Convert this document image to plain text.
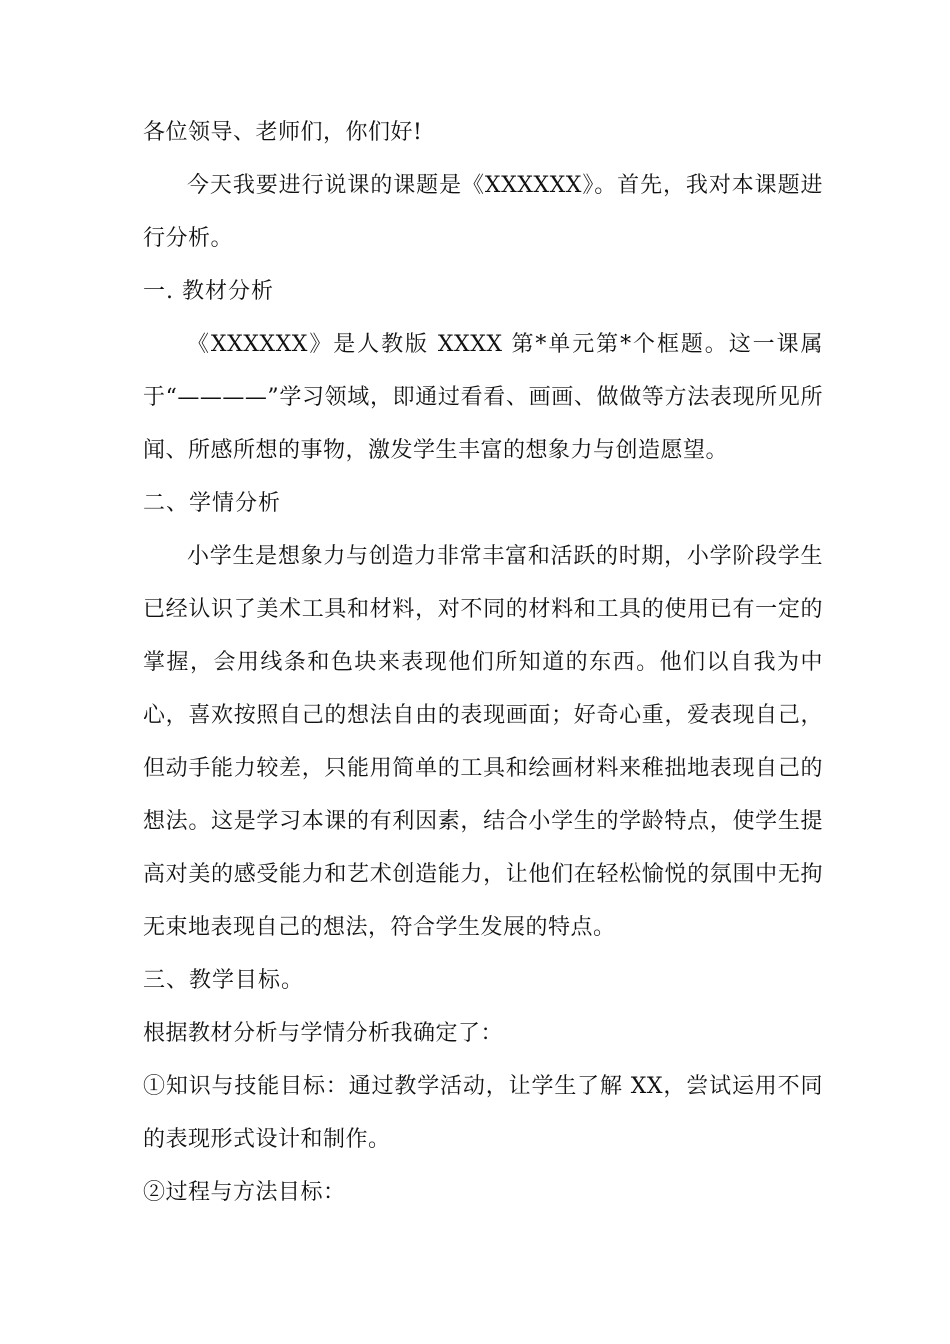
各位领导、老师们，你们好!

今天我要进行说课的课题是《XXXXXX》。首先，我对本课题进行分析。

一. 教材分析

《XXXXXX》是人教版 XXXX 第*单元第*个框题。这一课属于“————”学习领域，即通过看看、画画、做做等方法表现所见所闻、所感所想的事物，激发学生丰富的想象力与创造愿望。

二、学情分析

小学生是想象力与创造力非常丰富和活跃的时期，小学阶段学生已经认识了美术工具和材料，对不同的材料和工具的使用已有一定的掌握，会用线条和色块来表现他们所知道的东西。他们以自我为中心，喜欢按照自己的想法自由的表现画面；好奇心重，爱表现自己，但动手能力较差，只能用简单的工具和绘画材料来稚拙地表现自己的想法。这是学习本课的有利因素，结合小学生的学龄特点，使学生提高对美的感受能力和艺术创造能力，让他们在轻松愉悦的氛围中无拘无束地表现自己的想法，符合学生发展的特点。

三、教学目标。

根据教材分析与学情分析我确定了：

①知识与技能目标：通过教学活动，让学生了解 XX，尝试运用不同的表现形式设计和制作。

②过程与方法目标：
